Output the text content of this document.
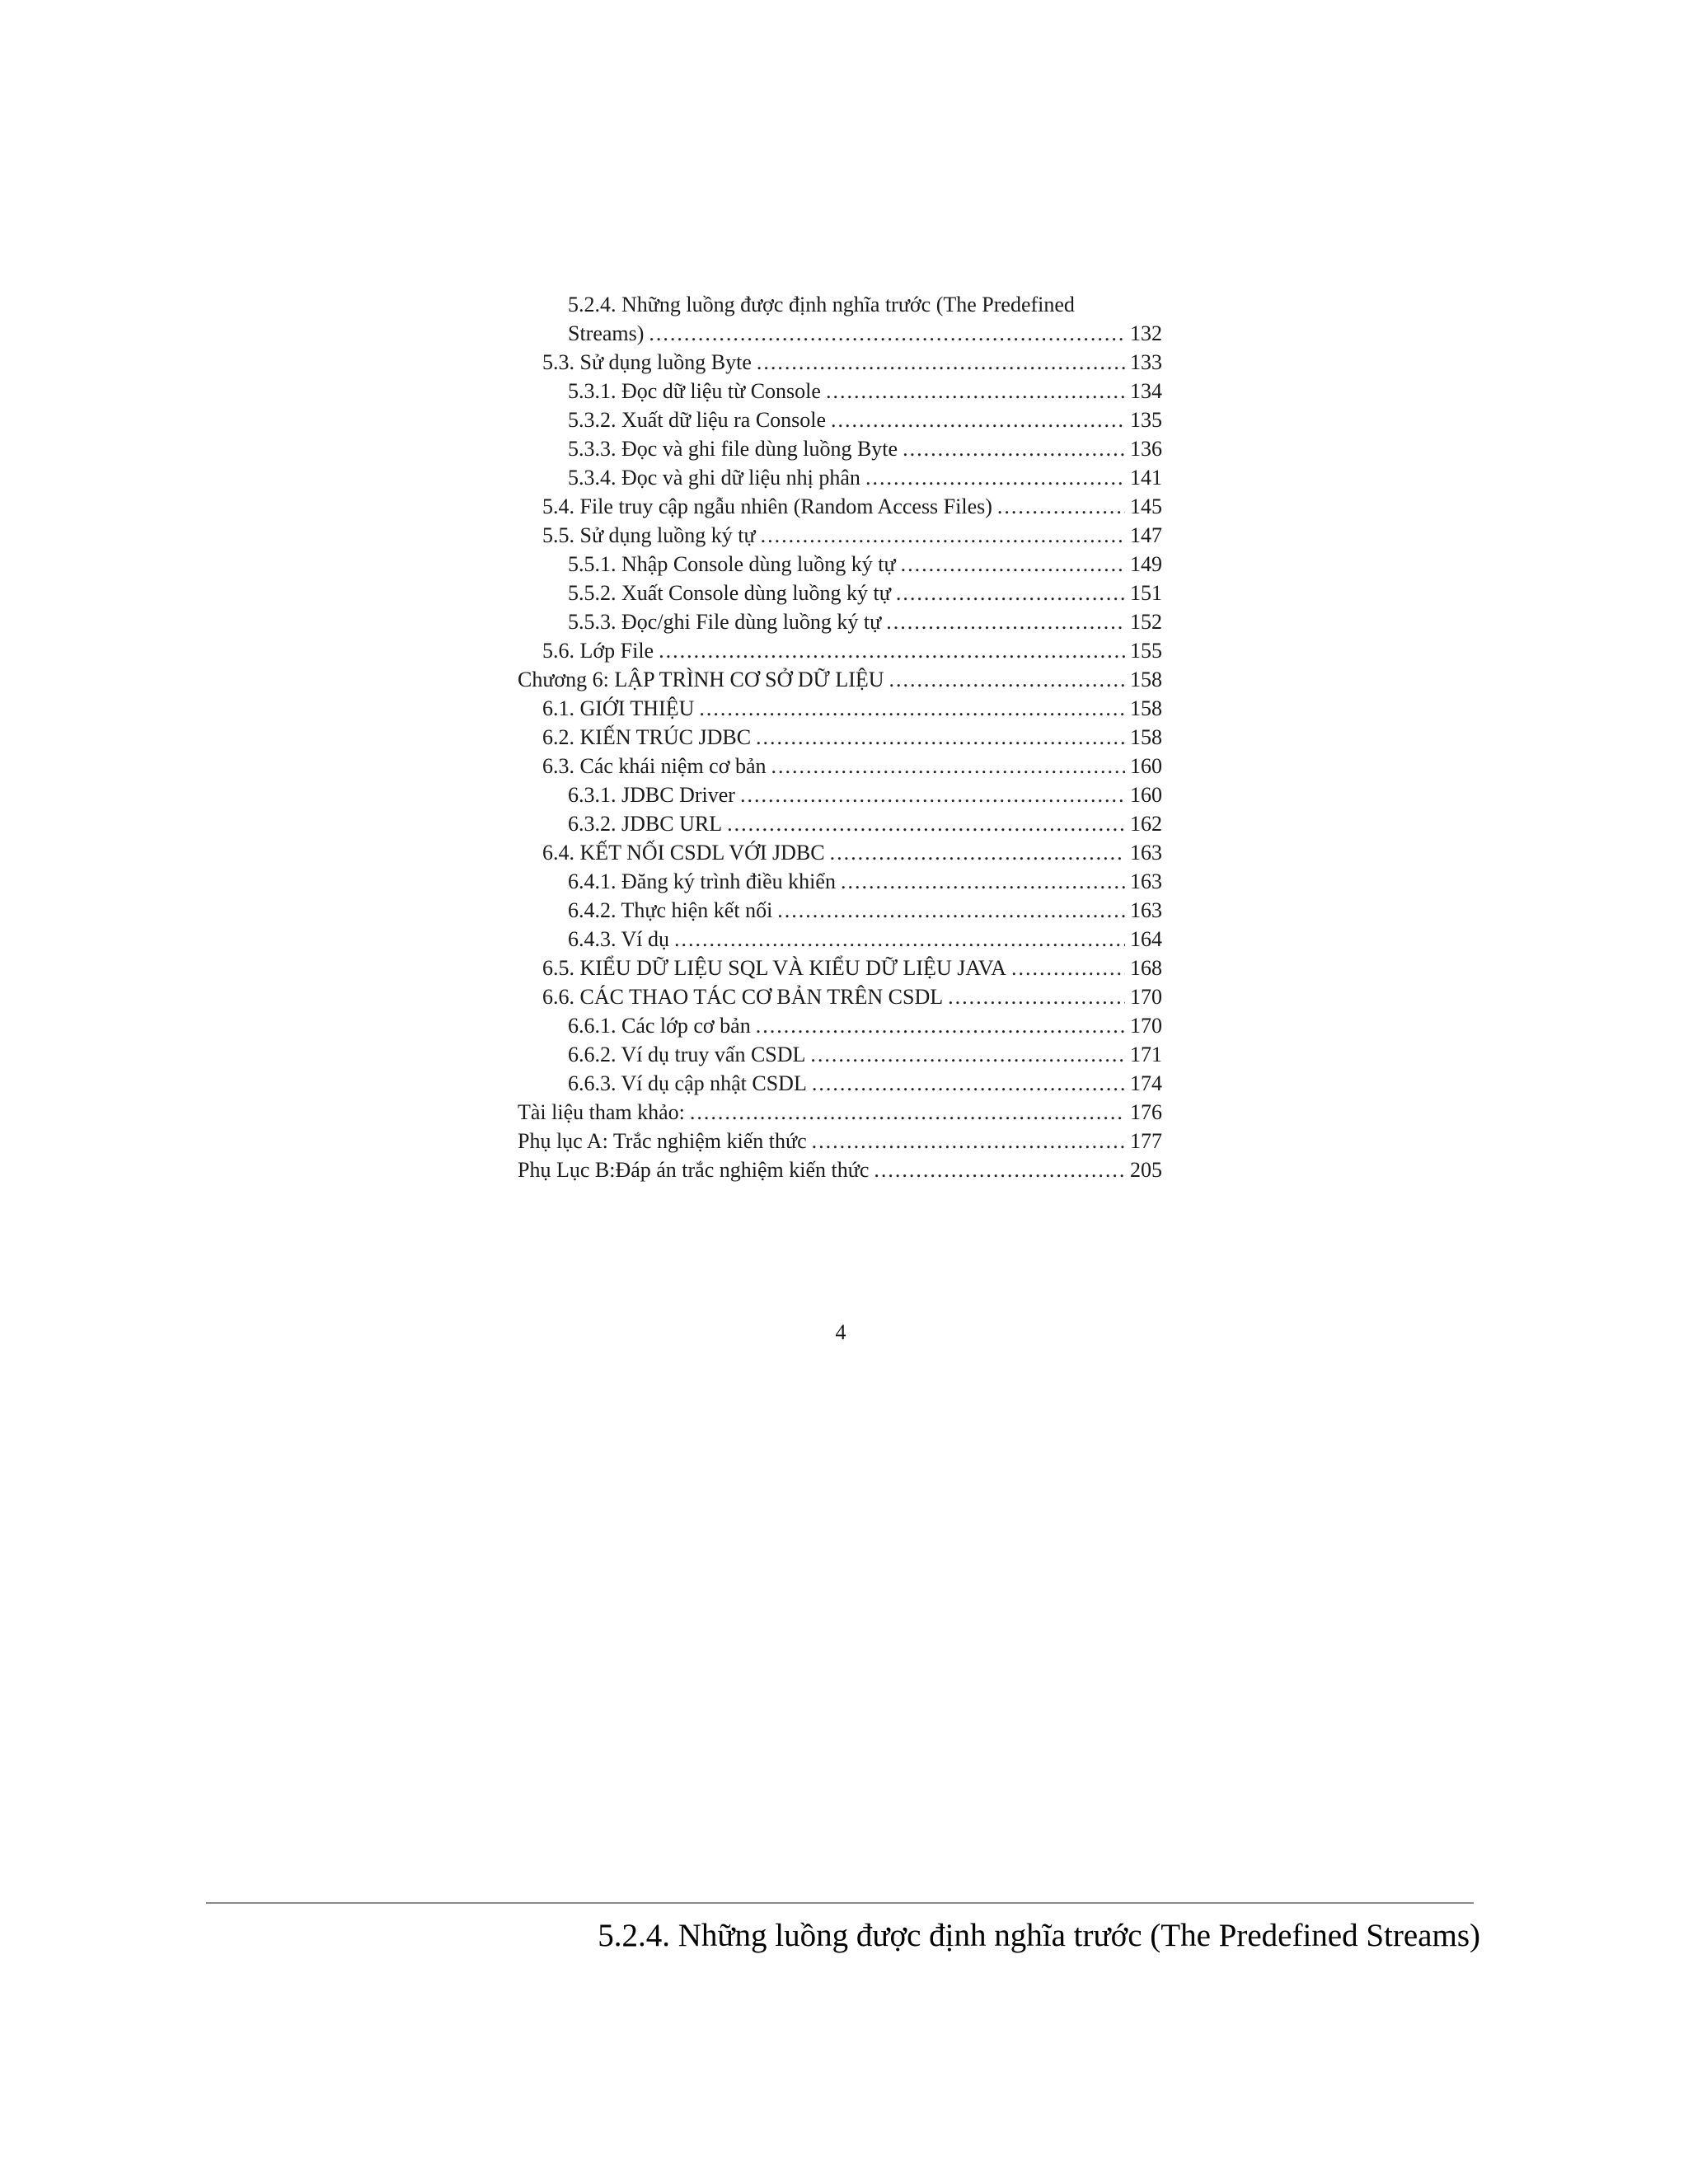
5.2.4. Những luồng được định nghĩa trước (The Predefined
Streams) .....	132
5.3. Sử dụng luồng Byte .....	133
5.3.1. Đọc dữ liệu từ Console .....	134
5.3.2. Xuất dữ liệu ra Console .....	135
5.3.3. Đọc và ghi file dùng luồng Byte .....	136
5.3.4. Đọc và ghi dữ liệu nhị phân .....	141
5.4. File truy cập ngẫu nhiên (Random Access Files) .....	145
5.5. Sử dụng luồng ký tự .....	147
5.5.1. Nhập Console dùng luồng ký tự .....	149
5.5.2. Xuất Console dùng luồng ký tự .....	151
5.5.3. Đọc/ghi File dùng luồng ký tự .....	152
5.6. Lớp File .....	155
Chương 6: LẬP TRÌNH CƠ SỞ DỮ LIỆU .....	158
6.1. GIỚI THIỆU .....	158
6.2. KIẾN TRÚC JDBC .....	158
6.3. Các khái niệm cơ bản .....	160
6.3.1. JDBC Driver .....	160
6.3.2. JDBC URL .....	162
6.4. KẾT NỐI CSDL VỚI JDBC .....	163
6.4.1. Đăng ký trình điều khiển .....	163
6.4.2. Thực hiện kết nối .....	163
6.4.3. Ví dụ .....	164
6.5. KIỂU DỮ LIỆU SQL VÀ KIỂU DỮ LIỆU JAVA .....	168
6.6. CÁC THAO TÁC CƠ BẢN TRÊN CSDL .....	170
6.6.1. Các lớp cơ bản .....	170
6.6.2. Ví dụ truy vấn CSDL .....	171
6.6.3. Ví dụ cập nhật CSDL .....	174
Tài liệu tham khảo: .....	176
Phụ lục A: Trắc nghiệm kiến thức .....	177
Phụ Lục B:Đáp án trắc nghiệm kiến thức .....	205
4
5.2.4. Những luồng được định nghĩa trước (The Predefined Streams)
